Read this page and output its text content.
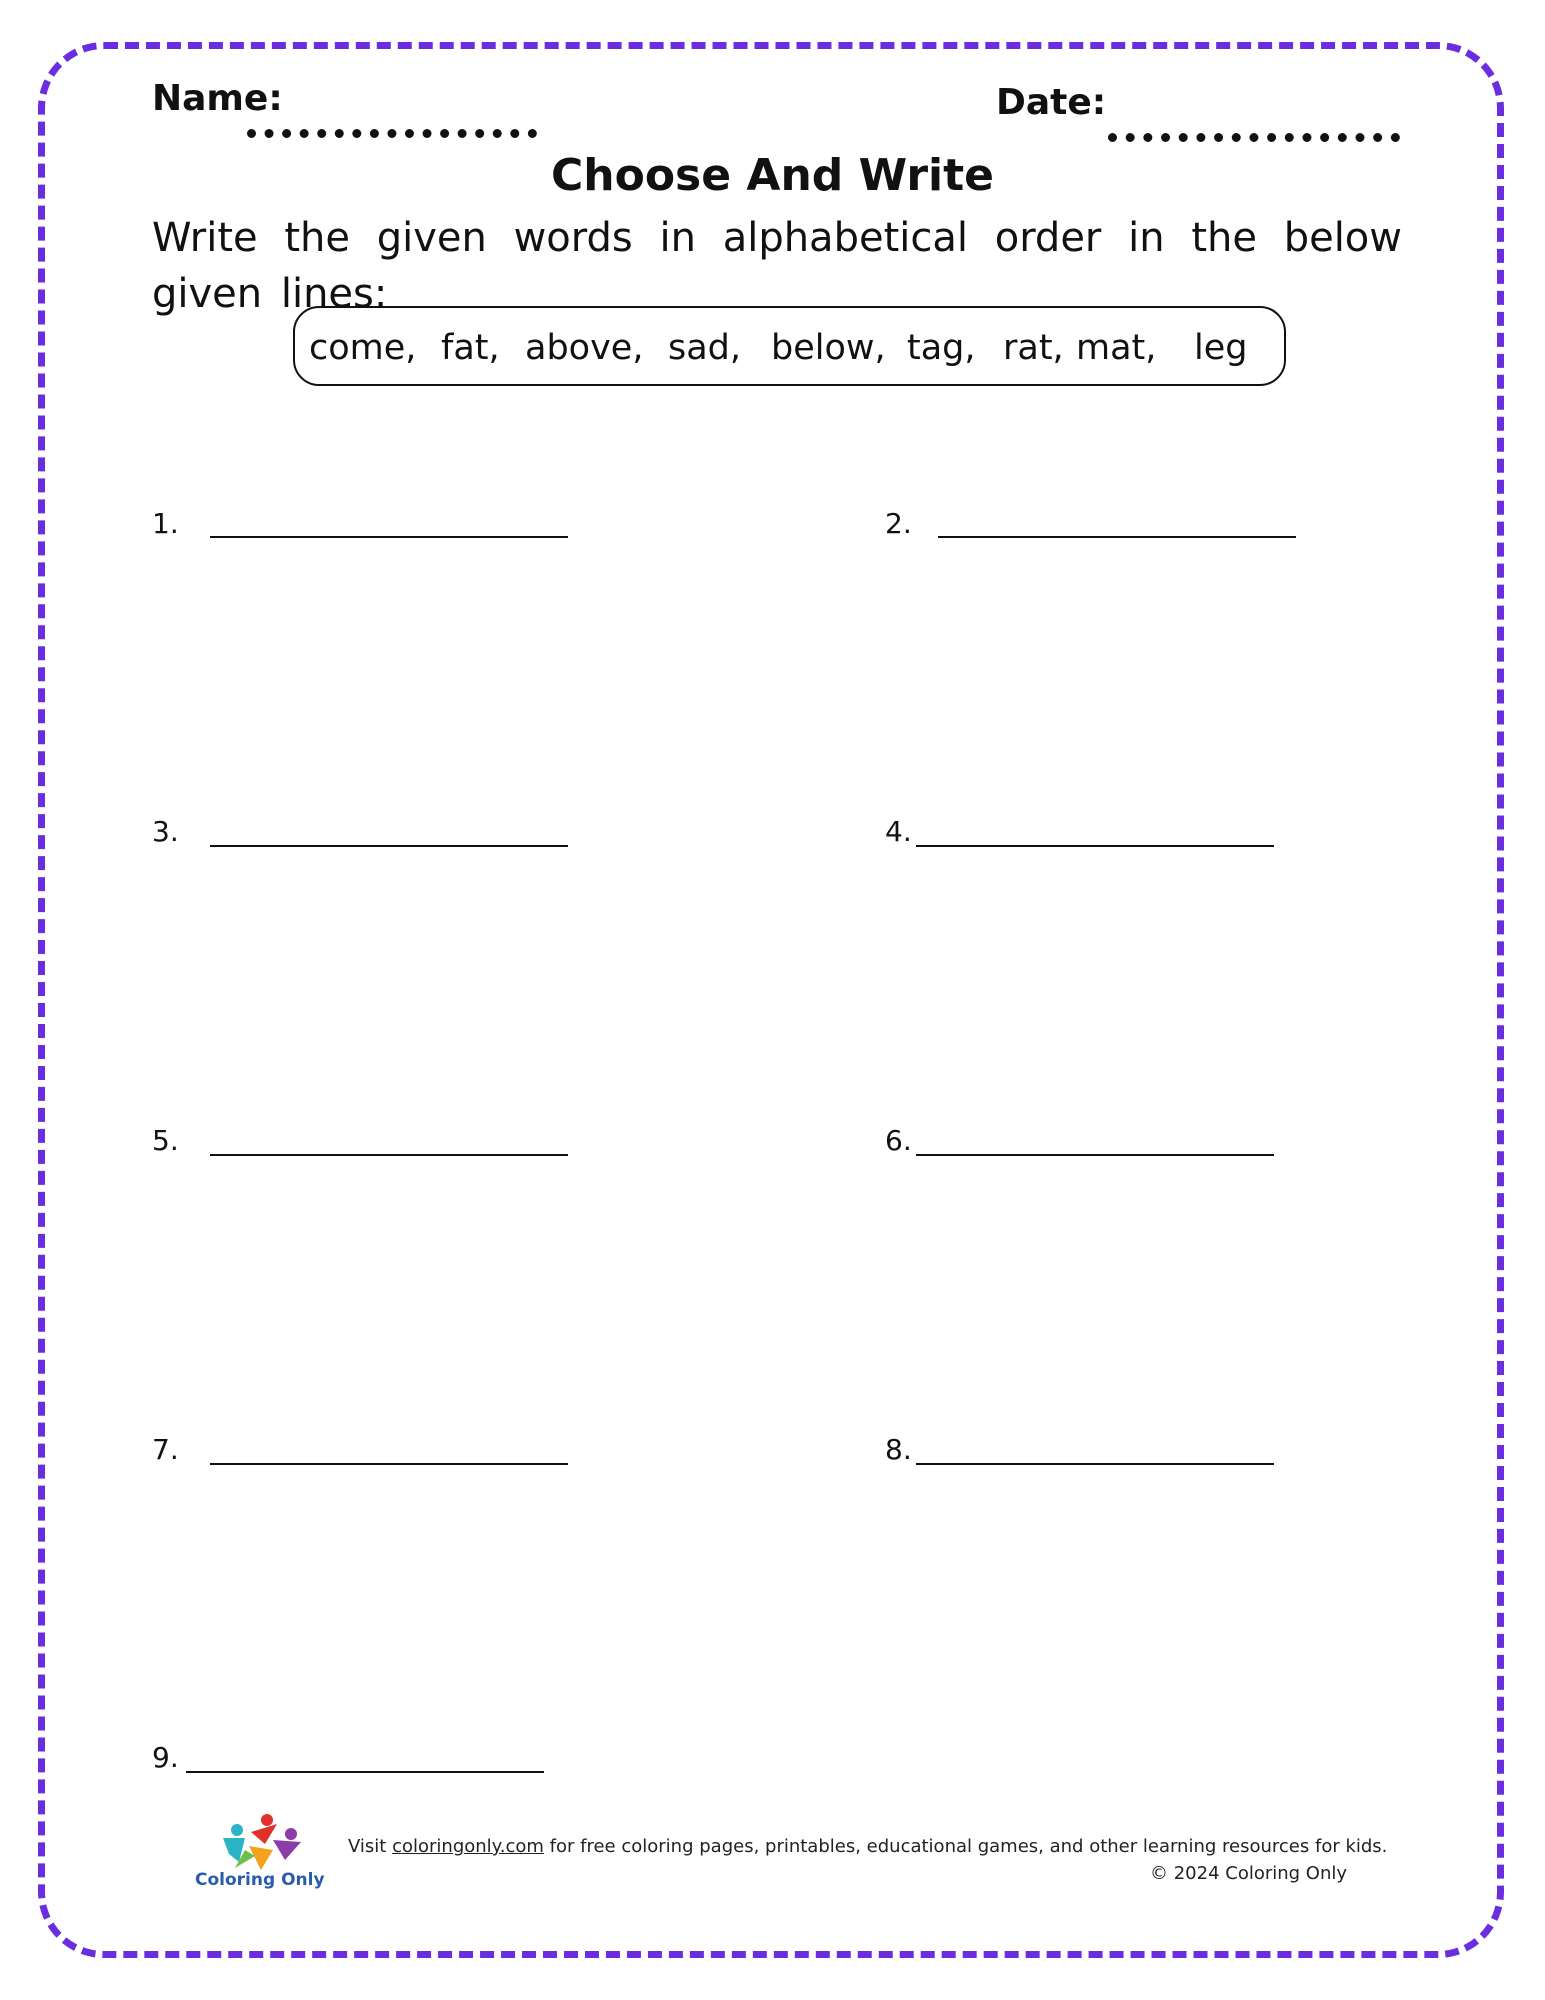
Name:	Date:
Choose And Write
Write the given words in alphabetical order in the below given lines:
come, fat, above, sad, below, tag, rat, mat, leg
1.	2.
3.	4.
5.	6.
7.	8.
9.
Coloring Only
Visit coloringonly.com for free coloring pages, printables, educational games, and other learning resources for kids.
© 2024 Coloring Only
